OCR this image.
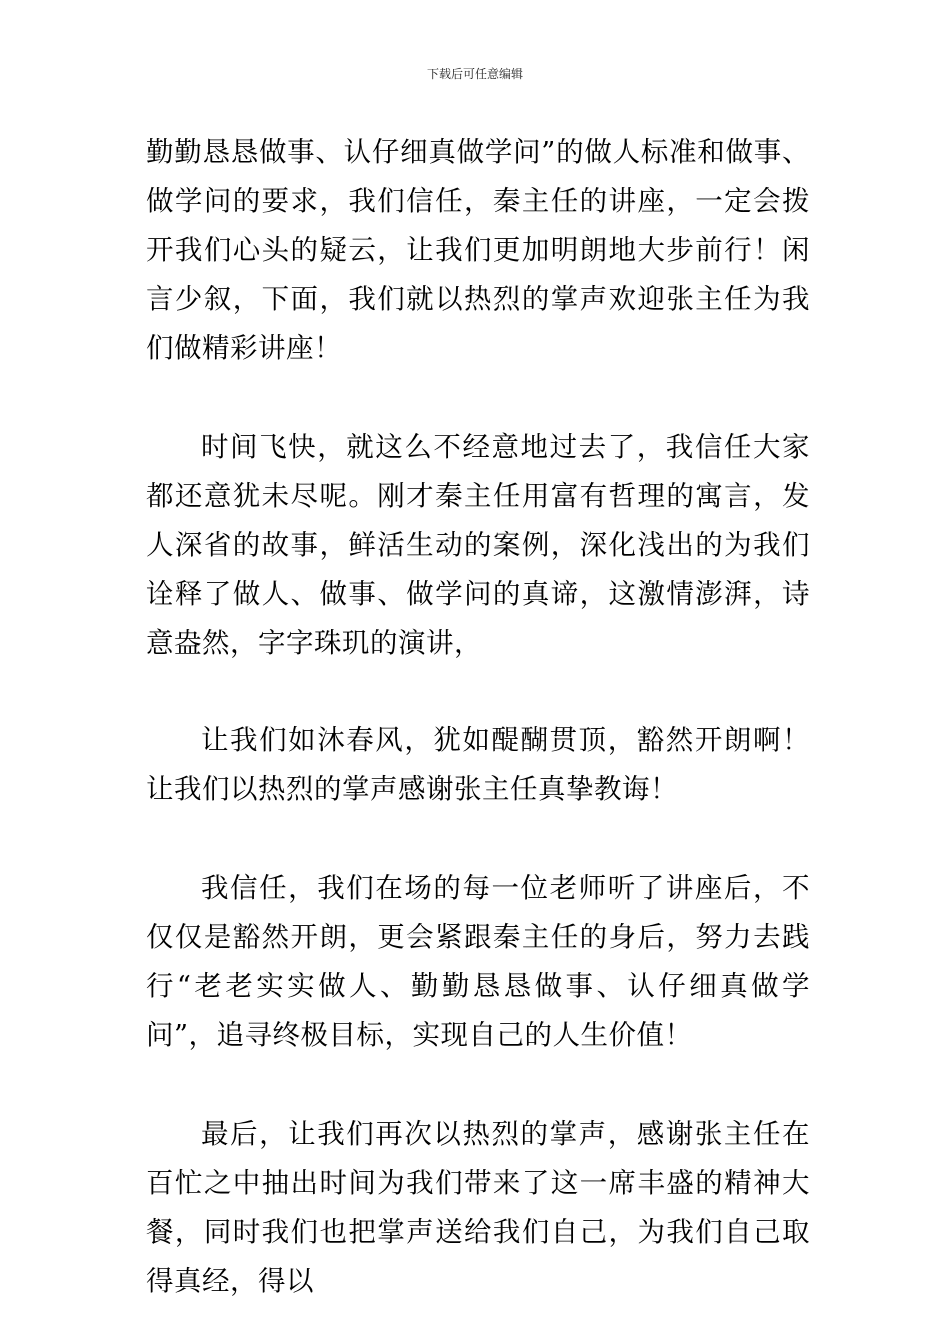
下载后可任意编辑

勤勤恳恳做事、认仔细真做学问”的做人标准和做事、做学问的要求，我们信任，秦主任的讲座，一定会拨开我们心头的疑云，让我们更加明朗地大步前行！闲言少叙，下面，我们就以热烈的掌声欢迎张主任为我们做精彩讲座！

时间飞快，就这么不经意地过去了，我信任大家都还意犹未尽呢。刚才秦主任用富有哲理的寓言，发人深省的故事，鲜活生动的案例，深化浅出的为我们诠释了做人、做事、做学问的真谛，这激情澎湃，诗意盎然，字字珠玑的演讲，

让我们如沐春风，犹如醍醐贯顶，豁然开朗啊！让我们以热烈的掌声感谢张主任真挚教诲！

我信任，我们在场的每一位老师听了讲座后，不仅仅是豁然开朗，更会紧跟秦主任的身后，努力去践行“老老实实做人、勤勤恳恳做事、认仔细真做学问”，追寻终极目标，实现自己的人生价值！

最后，让我们再次以热烈的掌声，感谢张主任在百忙之中抽出时间为我们带来了这一席丰盛的精神大餐，同时我们也把掌声送给我们自己，为我们自己取得真经，得以
